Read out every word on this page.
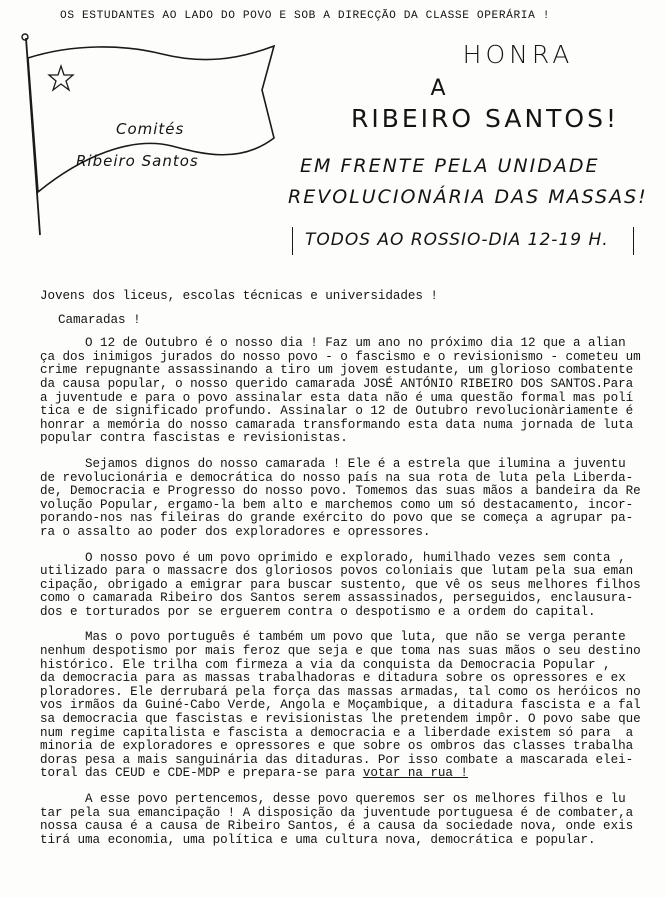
OS ESTUDANTES AO LADO DO POVO E SOB A DIRECÇÃO DA CLASSE OPERÁRIA !
Comités
Ribeiro Santos
HONRA
A
RIBEIRO SANTOS!
EM FRENTE PELA UNIDADE
REVOLUCIONÁRIA DAS MASSAS!
TODOS AO ROSSIO-DIA 12-19 H.
Jovens dos liceus, escolas técnicas e universidades !
Camaradas !
O 12 de Outubro é o nosso dia ! Faz um ano no próximo dia 12 que a alian
ça dos inimigos jurados do nosso povo - o fascismo e o revisionismo - cometeu um
crime repugnante assassinando a tiro um jovem estudante, um glorioso combatente
da causa popular, o nosso querido camarada JOSÉ ANTÓNIO RIBEIRO DOS SANTOS.Para
a juventude e para o povo assinalar esta data não é uma questão formal mas polí
tica e de significado profundo. Assinalar o 12 de Outubro revolucionàriamente é
honrar a memória do nosso camarada transformando esta data numa jornada de luta
popular contra fascistas e revisionistas.
Sejamos dignos do nosso camarada ! Ele é a estrela que ilumina a juventu
de revolucionária e democrática do nosso país na sua rota de luta pela Liberda-
de, Democracia e Progresso do nosso povo. Tomemos das suas mãos a bandeira da Re
volução Popular, ergamo-la bem alto e marchemos como um só destacamento, incor-
porando-nos nas fileiras do grande exército do povo que se começa a agrupar pa-
ra o assalto ao poder dos exploradores e opressores.
O nosso povo é um povo oprimido e explorado, humilhado vezes sem conta ,
utilizado para o massacre dos gloriosos povos coloniais que lutam pela sua eman
cipação, obrigado a emigrar para buscar sustento, que vê os seus melhores filhos
como o camarada Ribeiro dos Santos serem assassinados, perseguidos, enclausura-
dos e torturados por se erguerem contra o despotismo e a ordem do capital.
Mas o povo português é também um povo que luta, que não se verga perante
nenhum despotismo por mais feroz que seja e que toma nas suas mãos o seu destino
histórico. Ele trilha com firmeza a via da conquista da Democracia Popular ,
da democracia para as massas trabalhadoras e ditadura sobre os opressores e ex
ploradores. Ele derrubará pela força das massas armadas, tal como os heróicos no
vos irmãos da Guiné-Cabo Verde, Angola e Moçambique, a ditadura fascista e a fal
sa democracia que fascistas e revisionistas lhe pretendem impôr. O povo sabe que
num regime capitalista e fascista a democracia e a liberdade existem só para  a
minoria de exploradores e opressores e que sobre os ombros das classes trabalha
doras pesa a mais sanguinária das ditaduras. Por isso combate a mascarada elei-
toral das CEUD e CDE-MDP e prepara-se para votar na rua !
A esse povo pertencemos, desse povo queremos ser os melhores filhos e lu
tar pela sua emancipação ! A disposição da juventude portuguesa é de combater,a
nossa causa é a causa de Ribeiro Santos, é a causa da sociedade nova, onde exis
tirá uma economia, uma política e uma cultura nova, democrática e popular.
